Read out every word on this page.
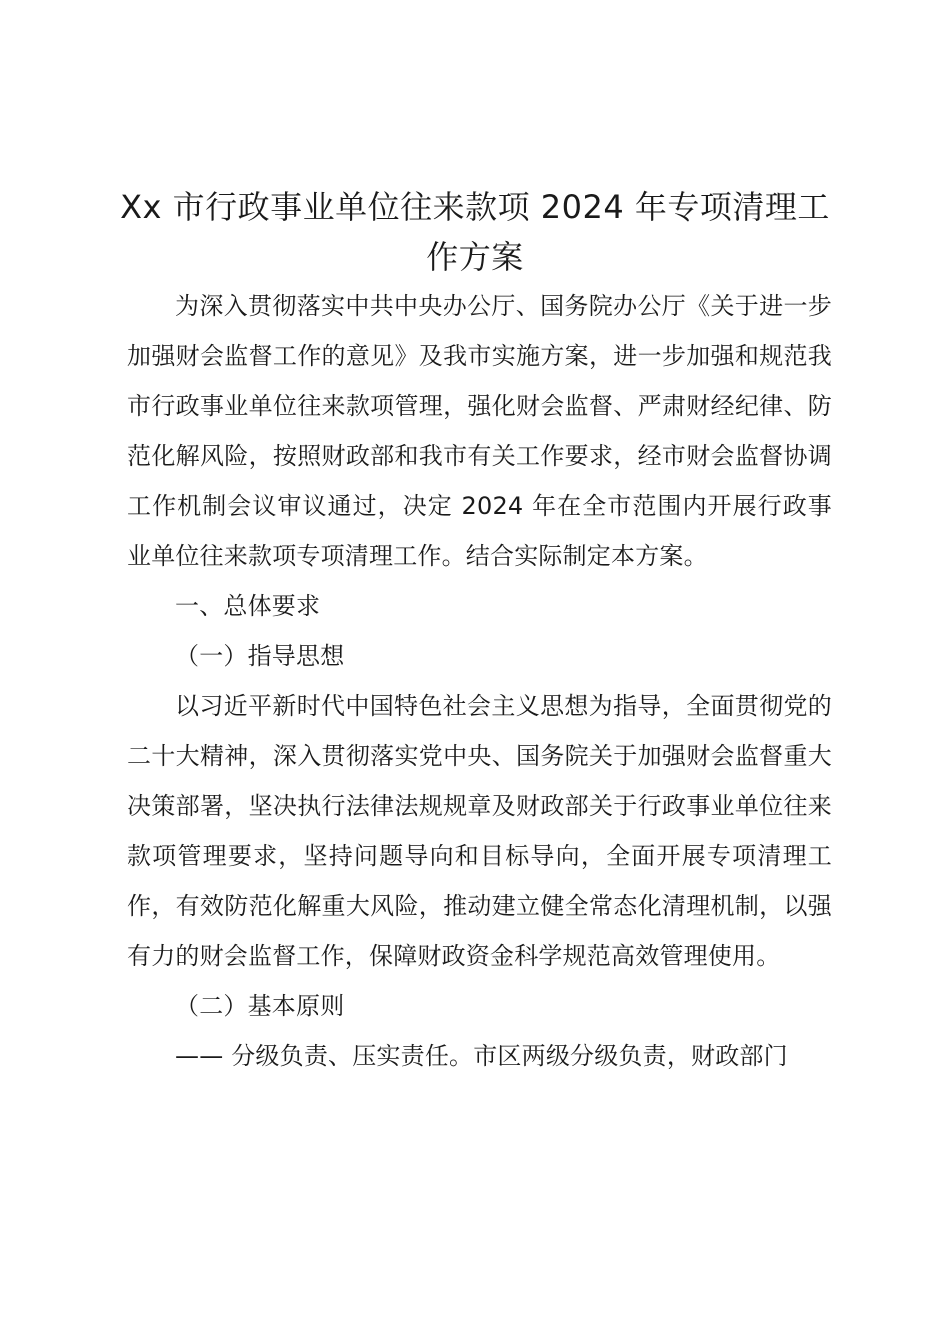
Xx 市行政事业单位往来款项 2024 年专项清理工作方案

为深入贯彻落实中共中央办公厅、国务院办公厅《关于进一步加强财会监督工作的意见》及我市实施方案，进一步加强和规范我市行政事业单位往来款项管理，强化财会监督、严肃财经纪律、防范化解风险，按照财政部和我市有关工作要求，经市财会监督协调工作机制会议审议通过，决定 2024 年在全市范围内开展行政事业单位往来款项专项清理工作。结合实际制定本方案。

一、总体要求

（一）指导思想

以习近平新时代中国特色社会主义思想为指导，全面贯彻党的二十大精神，深入贯彻落实党中央、国务院关于加强财会监督重大决策部署，坚决执行法律法规规章及财政部关于行政事业单位往来款项管理要求，坚持问题导向和目标导向，全面开展专项清理工作，有效防范化解重大风险，推动建立健全常态化清理机制，以强有力的财会监督工作，保障财政资金科学规范高效管理使用。

（二）基本原则

—— 分级负责、压实责任。市区两级分级负责，财政部门
